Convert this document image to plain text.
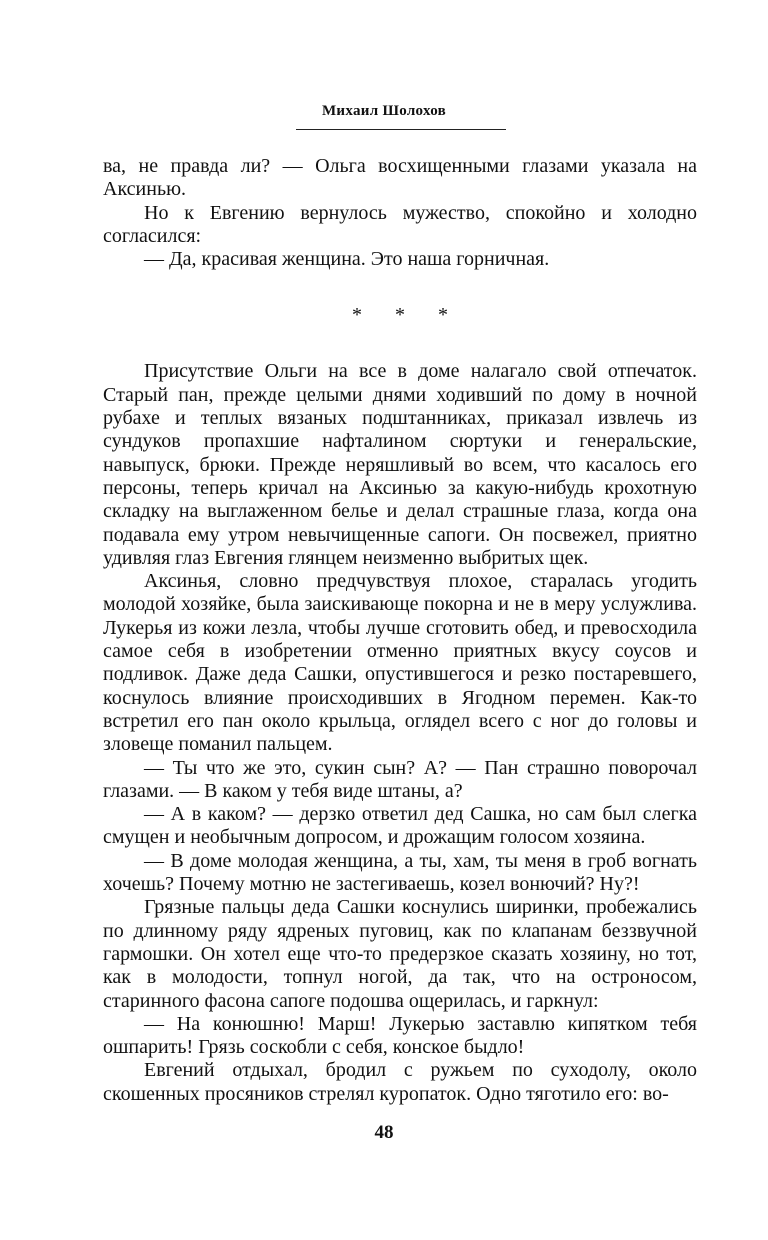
Михаил Шолохов

ва, не правда ли? — Ольга восхищенными глазами указала на Аксинью.

Но к Евгению вернулось мужество, спокойно и холодно согласился:

— Да, красивая женщина. Это наша горничная.

* * *

Присутствие Ольги на все в доме налагало свой отпечаток. Старый пан, прежде целыми днями ходивший по дому в ночной рубахе и теплых вязаных подштанниках, приказал извлечь из сундуков пропахшие нафталином сюртуки и генеральские, навыпуск, брюки. Прежде неряшливый во всем, что касалось его персоны, теперь кричал на Аксинью за какую-нибудь крохотную складку на выглаженном белье и делал страшные глаза, когда она подавала ему утром невычищенные сапоги. Он посвежел, приятно удивляя глаз Евгения глянцем неизменно выбритых щек.

Аксинья, словно предчувствуя плохое, старалась угодить молодой хозяйке, была заискивающе покорна и не в меру услужлива. Лукерья из кожи лезла, чтобы лучше сготовить обед, и превосходила самое себя в изобретении отменно приятных вкусу соусов и подливок. Даже деда Сашки, опустившегося и резко постаревшего, коснулось влияние происходивших в Ягодном перемен. Как-то встретил его пан около крыльца, оглядел всего с ног до головы и зловеще поманил пальцем.

— Ты что же это, сукин сын? А? — Пан страшно поворочал глазами. — В каком у тебя виде штаны, а?

— А в каком? — дерзко ответил дед Сашка, но сам был слегка смущен и необычным допросом, и дрожащим голосом хозяина.

— В доме молодая женщина, а ты, хам, ты меня в гроб вогнать хочешь? Почему мотню не застегиваешь, козел вонючий? Ну?!

Грязные пальцы деда Сашки коснулись ширинки, пробежались по длинному ряду ядреных пуговиц, как по клапанам беззвучной гармошки. Он хотел еще что-то предерзкое сказать хозяину, но тот, как в молодости, топнул ногой, да так, что на остроносом, старинного фасона сапоге подошва ощерилась, и гаркнул:

— На конюшню! Марш! Лукерью заставлю кипятком тебя ошпарить! Грязь соскобли с себя, конское быдло!

Евгений отдыхал, бродил с ружьем по суходолу, около скошенных просяников стрелял куропаток. Одно тяготило его: во-

48
